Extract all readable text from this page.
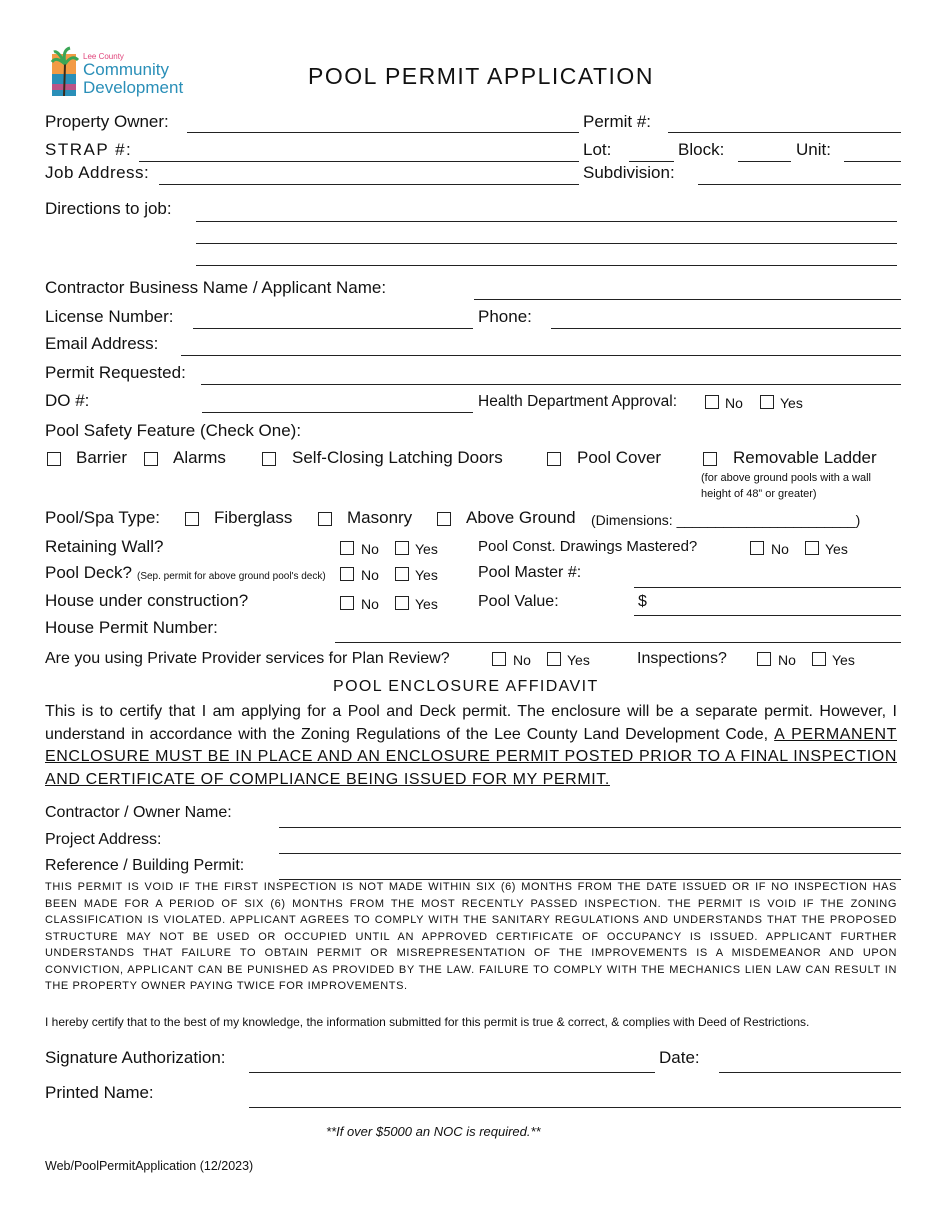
Lee County
Community
Development	POOL PERMIT APPLICATION
Property Owner:	Permit #:
STRAP #:	Lot:	Block:	Unit:
Job Address:	Subdivision:
Directions to job:
Contractor Business Name / Applicant Name:
License Number:	Phone:
Email Address:
Permit Requested:
DO #:	Health Department Approval:	No	Yes
Pool Safety Feature (Check One):
Barrier	Alarms	Self-Closing Latching Doors	Pool Cover	Removable Ladder
(for above ground pools with a wall
height of 48” or greater)
Pool/Spa Type:	Fiberglass	Masonry	Above Ground (Dimensions: _______________________)
Retaining Wall?	No	Yes	Pool Const. Drawings Mastered?	No	Yes
Pool Deck? (Sep. permit for above ground pool's deck)	No	Yes	Pool Master #:
House under construction?	No	Yes	Pool Value:	$
House Permit Number:
Are you using Private Provider services for Plan Review?	No	Yes	Inspections?	No	Yes
POOL ENCLOSURE AFFIDAVIT
This is to certify that I am applying for a Pool and Deck permit. The enclosure will be a separate permit. However, I understand in accordance with the Zoning Regulations of the Lee County Land Development Code, A PERMANENT ENCLOSURE MUST BE IN PLACE AND AN ENCLOSURE PERMIT POSTED PRIOR TO A FINAL INSPECTION AND CERTIFICATE OF COMPLIANCE BEING ISSUED FOR MY PERMIT.
Contractor / Owner Name:
Project Address:
Reference / Building Permit:
THIS PERMIT IS VOID IF THE FIRST INSPECTION IS NOT MADE WITHIN SIX (6) MONTHS FROM THE DATE ISSUED OR IF NO INSPECTION HAS BEEN MADE FOR A PERIOD OF SIX (6) MONTHS FROM THE MOST RECENTLY PASSED INSPECTION. THE PERMIT IS VOID IF THE ZONING CLASSIFICATION IS VIOLATED. APPLICANT AGREES TO COMPLY WITH THE SANITARY REGULATIONS AND UNDERSTANDS THAT THE PROPOSED STRUCTURE MAY NOT BE USED OR OCCUPIED UNTIL AN APPROVED CERTIFICATE OF OCCUPANCY IS ISSUED. APPLICANT FURTHER UNDERSTANDS THAT FAILURE TO OBTAIN PERMIT OR MISREPRESENTATION OF THE IMPROVEMENTS IS A MISDEMEANOR AND UPON CONVICTION, APPLICANT CAN BE PUNISHED AS PROVIDED BY THE LAW. FAILURE TO COMPLY WITH THE MECHANICS LIEN LAW CAN RESULT IN THE PROPERTY OWNER PAYING TWICE FOR IMPROVEMENTS.
I hereby certify that to the best of my knowledge, the information submitted for this permit is true & correct, & complies with Deed of Restrictions.
Signature Authorization:	Date:
Printed Name:
**If over $5000 an NOC is required.**
Web/PoolPermitApplication (12/2023)
